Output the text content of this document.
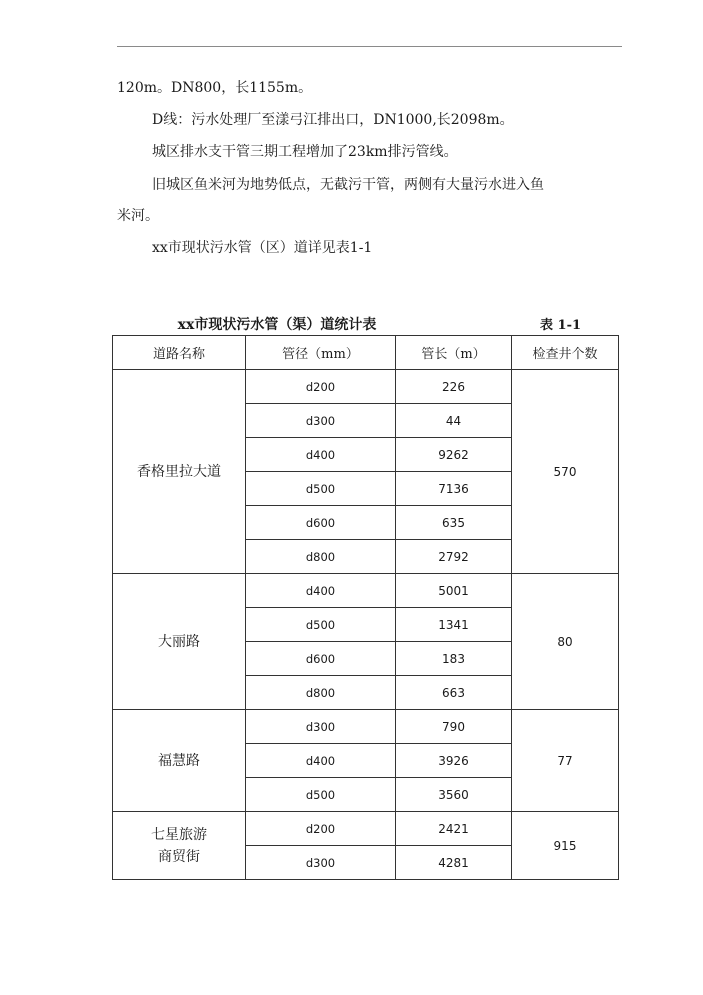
120m。DN800，长1155m。
D线：污水处理厂至漾弓江排出口，DN1000,长2098m。
城区排水支干管三期工程增加了23km排污管线。
旧城区鱼米河为地势低点，无截污干管，两侧有大量污水进入鱼
米河。
xx市现状污水管（区）道详见表1-1
xx市现状污水管（渠）道统计表	表 1-1
道路名称	管径（mm）	管长（m）	检查井个数

香格里拉大道	d200	226	570
	d300	44	
	d400	9262	
	d500	7136	
	d600	635	
	d800	2792	

大丽路	d400	5001	80
	d500	1341	
	d600	183	
	d800	663	

福慧路	d300	790	77
	d400	3926	
	d500	3560	

七星旅游
商贸街	d200	2421	915
	d300	4281	
